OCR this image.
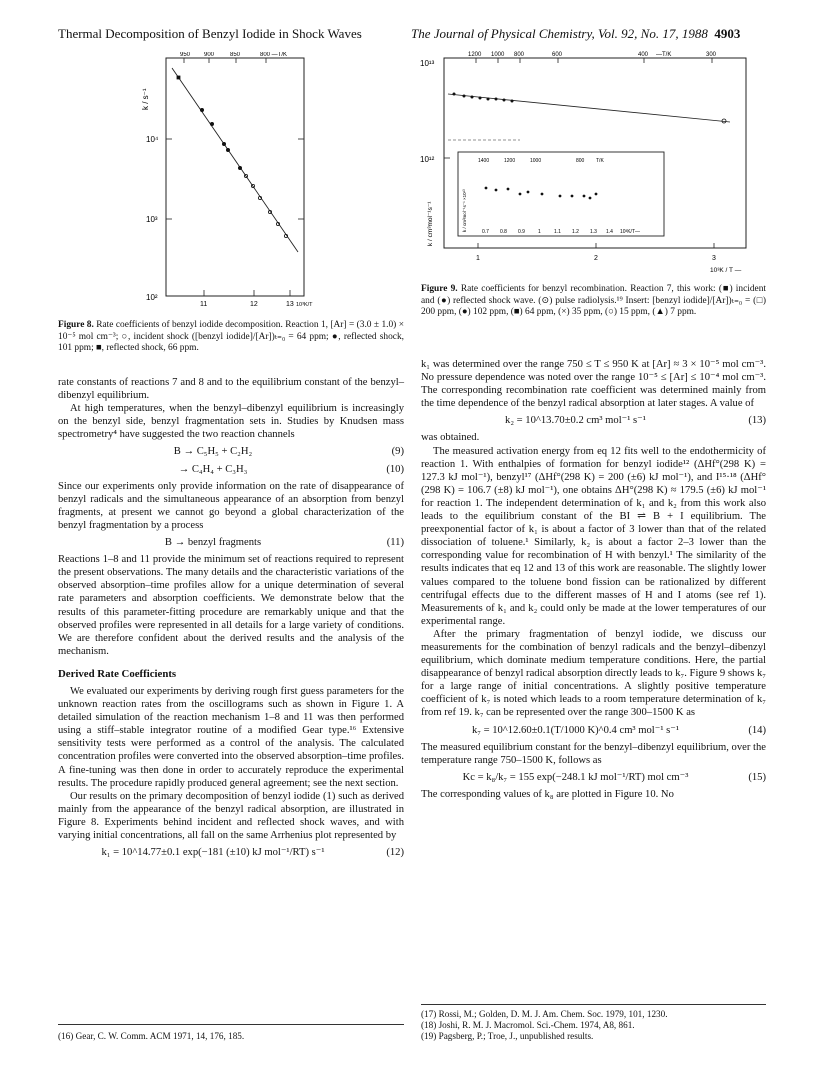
Thermal Decomposition of Benzyl Iodide in Shock Waves	The Journal of Physical Chemistry, Vol. 92, No. 17, 1988 4903
950 900	850	800 —T/K
k / s⁻¹
10⁴
10³
10²
11	12	13 10³K/T

Figure 8. Rate coefficients of benzyl iodide decomposition. Reaction 1, [Ar] = (3.0 ± 1.0) × 10⁻⁵ mol cm⁻³; ○, incident shock ([benzyl iodide]/[Ar])ₜ₌₀ = 64 ppm; ●, reflected shock, 101 ppm; ■, reflected shock, 66 ppm.

rate constants of reactions 7 and 8 and to the equilibrium constant of the benzyl–dibenzyl equilibrium.

At high temperatures, when the benzyl–dibenzyl equilibrium is increasingly on the benzyl side, benzyl fragmentation sets in. Studies by Knudsen mass spectrometry⁴ have suggested the two reaction channels

B → C₅H₅ + C₂H₂	(9)
→ C₄H₄ + C₃H₃	(10)

Since our experiments only provide information on the rate of disappearance of benzyl radicals and the simultaneous appearance of an absorption from benzyl fragments, at present we cannot go beyond a global characterization of the benzyl fragmentation by a process

B → benzyl fragments	(11)

Reactions 1–8 and 11 provide the minimum set of reactions required to represent the present observations. The many details and the characteristic variations of the observed absorption–time profiles allow for a unique determination of several rate parameters and absorption coefficients. We demonstrate below that the results of this parameter-fitting procedure are remarkably unique and that the observed profiles were represented in all details for a large variety of conditions. We are therefore confident about the derived results and the analysis of the mechanism.

Derived Rate Coefficients

We evaluated our experiments by deriving rough first guess parameters for the unknown reaction rates from the oscillograms such as shown in Figure 1. A detailed simulation of the reaction mechanism 1–8 and 11 was then performed using a stiff–stable integrator routine of a modified Gear type.¹⁶ Extensive sensitivity tests were performed as a control of the analysis. The calculated concentration profiles were converted into the observed absorption–time profiles. A fine-tuning was then done in order to accurately reproduce the experimental results. The procedure rapidly produced general agreement; see the next section.

Our results on the primary decomposition of benzyl iodide (1) such as derived mainly from the appearance of the benzyl radical absorption, are illustrated in Figure 8. Experiments behind incident and reflected shock waves, and with varying initial concentrations, all fall on the same Arrhenius plot represented by

k₁ = 10^14.77±0.1 exp(−181 (±10) kJ mol⁻¹/RT) s⁻¹	(12)
(16) Gear, C. W. Comm. ACM 1971, 14, 176, 185.
1200 1000 800	600	400	300
—T/K
10¹³
10¹²
k / cm³mol⁻¹s⁻¹
1	2	3
10³K / T —
1400	1200	1000	800 T/K
k / cm³mol⁻¹s⁻¹ ×10¹³	0.7 0.8 0.9	1	1.1 1.2 1.3 1.4 10³K/T—

Figure 9. Rate coefficients for benzyl recombination. Reaction 7, this work: (■) incident and (●) reflected shock wave. (⊙) pulse radiolysis.¹⁹ Insert: [benzyl iodide]/[Ar])ₜ₌₀ = (□) 200 ppm, (●) 102 ppm, (■) 64 ppm, (×) 35 ppm, (○) 15 ppm, (▲) 7 ppm.

k₁ was determined over the range 750 ≤ T ≤ 950 K at [Ar] ≈ 3 × 10⁻⁵ mol cm⁻³. No pressure dependence was noted over the range 10⁻⁵ ≤ [Ar] ≤ 10⁻⁴ mol cm⁻³. The corresponding recombination rate coefficient was determined mainly from the time dependence of the benzyl radical absorption at later stages. A value of

k₂ = 10^13.70±0.2 cm³ mol⁻¹ s⁻¹	(13)

was obtained.

The measured activation energy from eq 12 fits well to the endothermicity of reaction 1. With enthalpies of formation for benzyl iodide¹² (ΔHf°(298 K) = 127.3 kJ mol⁻¹), benzyl¹⁷ (ΔHf°(298 K) = 200 (±6) kJ mol⁻¹), and I¹⁵·¹⁸ (ΔHf°(298 K) = 106.7 (±8) kJ mol⁻¹), one obtains ΔH°(298 K) ≈ 179.5 (±6) kJ mol⁻¹ for reaction 1. The independent determination of k₁ and k₂ from this work also leads to the equilibrium constant of the BI ⇌ B + I equilibrium. The preexponential factor of k₁ is about a factor of 3 lower than that of the related dissociation of toluene.¹ Similarly, k₂ is about a factor 2–3 lower than the corresponding value for recombination of H with benzyl.¹ The similarity of the results indicates that eq 12 and 13 of this work are reasonable. The slightly lower values compared to the toluene bond fission can be rationalized by different centrifugal effects due to the different masses of H and I atoms (see ref 1). Measurements of k₁ and k₂ could only be made at the lower temperatures of our experimental range.

After the primary fragmentation of benzyl iodide, we discuss our measurements for the combination of benzyl radicals and the benzyl–dibenzyl equilibrium, which dominate medium temperature conditions. Here, the partial disappearance of benzyl radical absorption directly leads to k₇. Figure 9 shows k₇ for a large range of initial concentrations. A slightly positive temperature coefficient of k₇ is noted which leads to a room temperature determination of k₇ from ref 19. k₇ can be represented over the range 300–1500 K as

k₇ = 10^12.60±0.1(T/1000 K)^0.4 cm³ mol⁻¹ s⁻¹	(14)

The measured equilibrium constant for the benzyl–dibenzyl equilibrium, over the temperature range 750–1500 K, follows as

Kc = k₈/k₇ = 155 exp(−248.1 kJ mol⁻¹/RT) mol cm⁻³	(15)

The corresponding values of k₈ are plotted in Figure 10. No

(17) Rossi, M.; Golden, D. M. J. Am. Chem. Soc. 1979, 101, 1230.
(18) Joshi, R. M. J. Macromol. Sci.-Chem. 1974, A8, 861.
(19) Pagsberg, P.; Troe, J., unpublished results.
